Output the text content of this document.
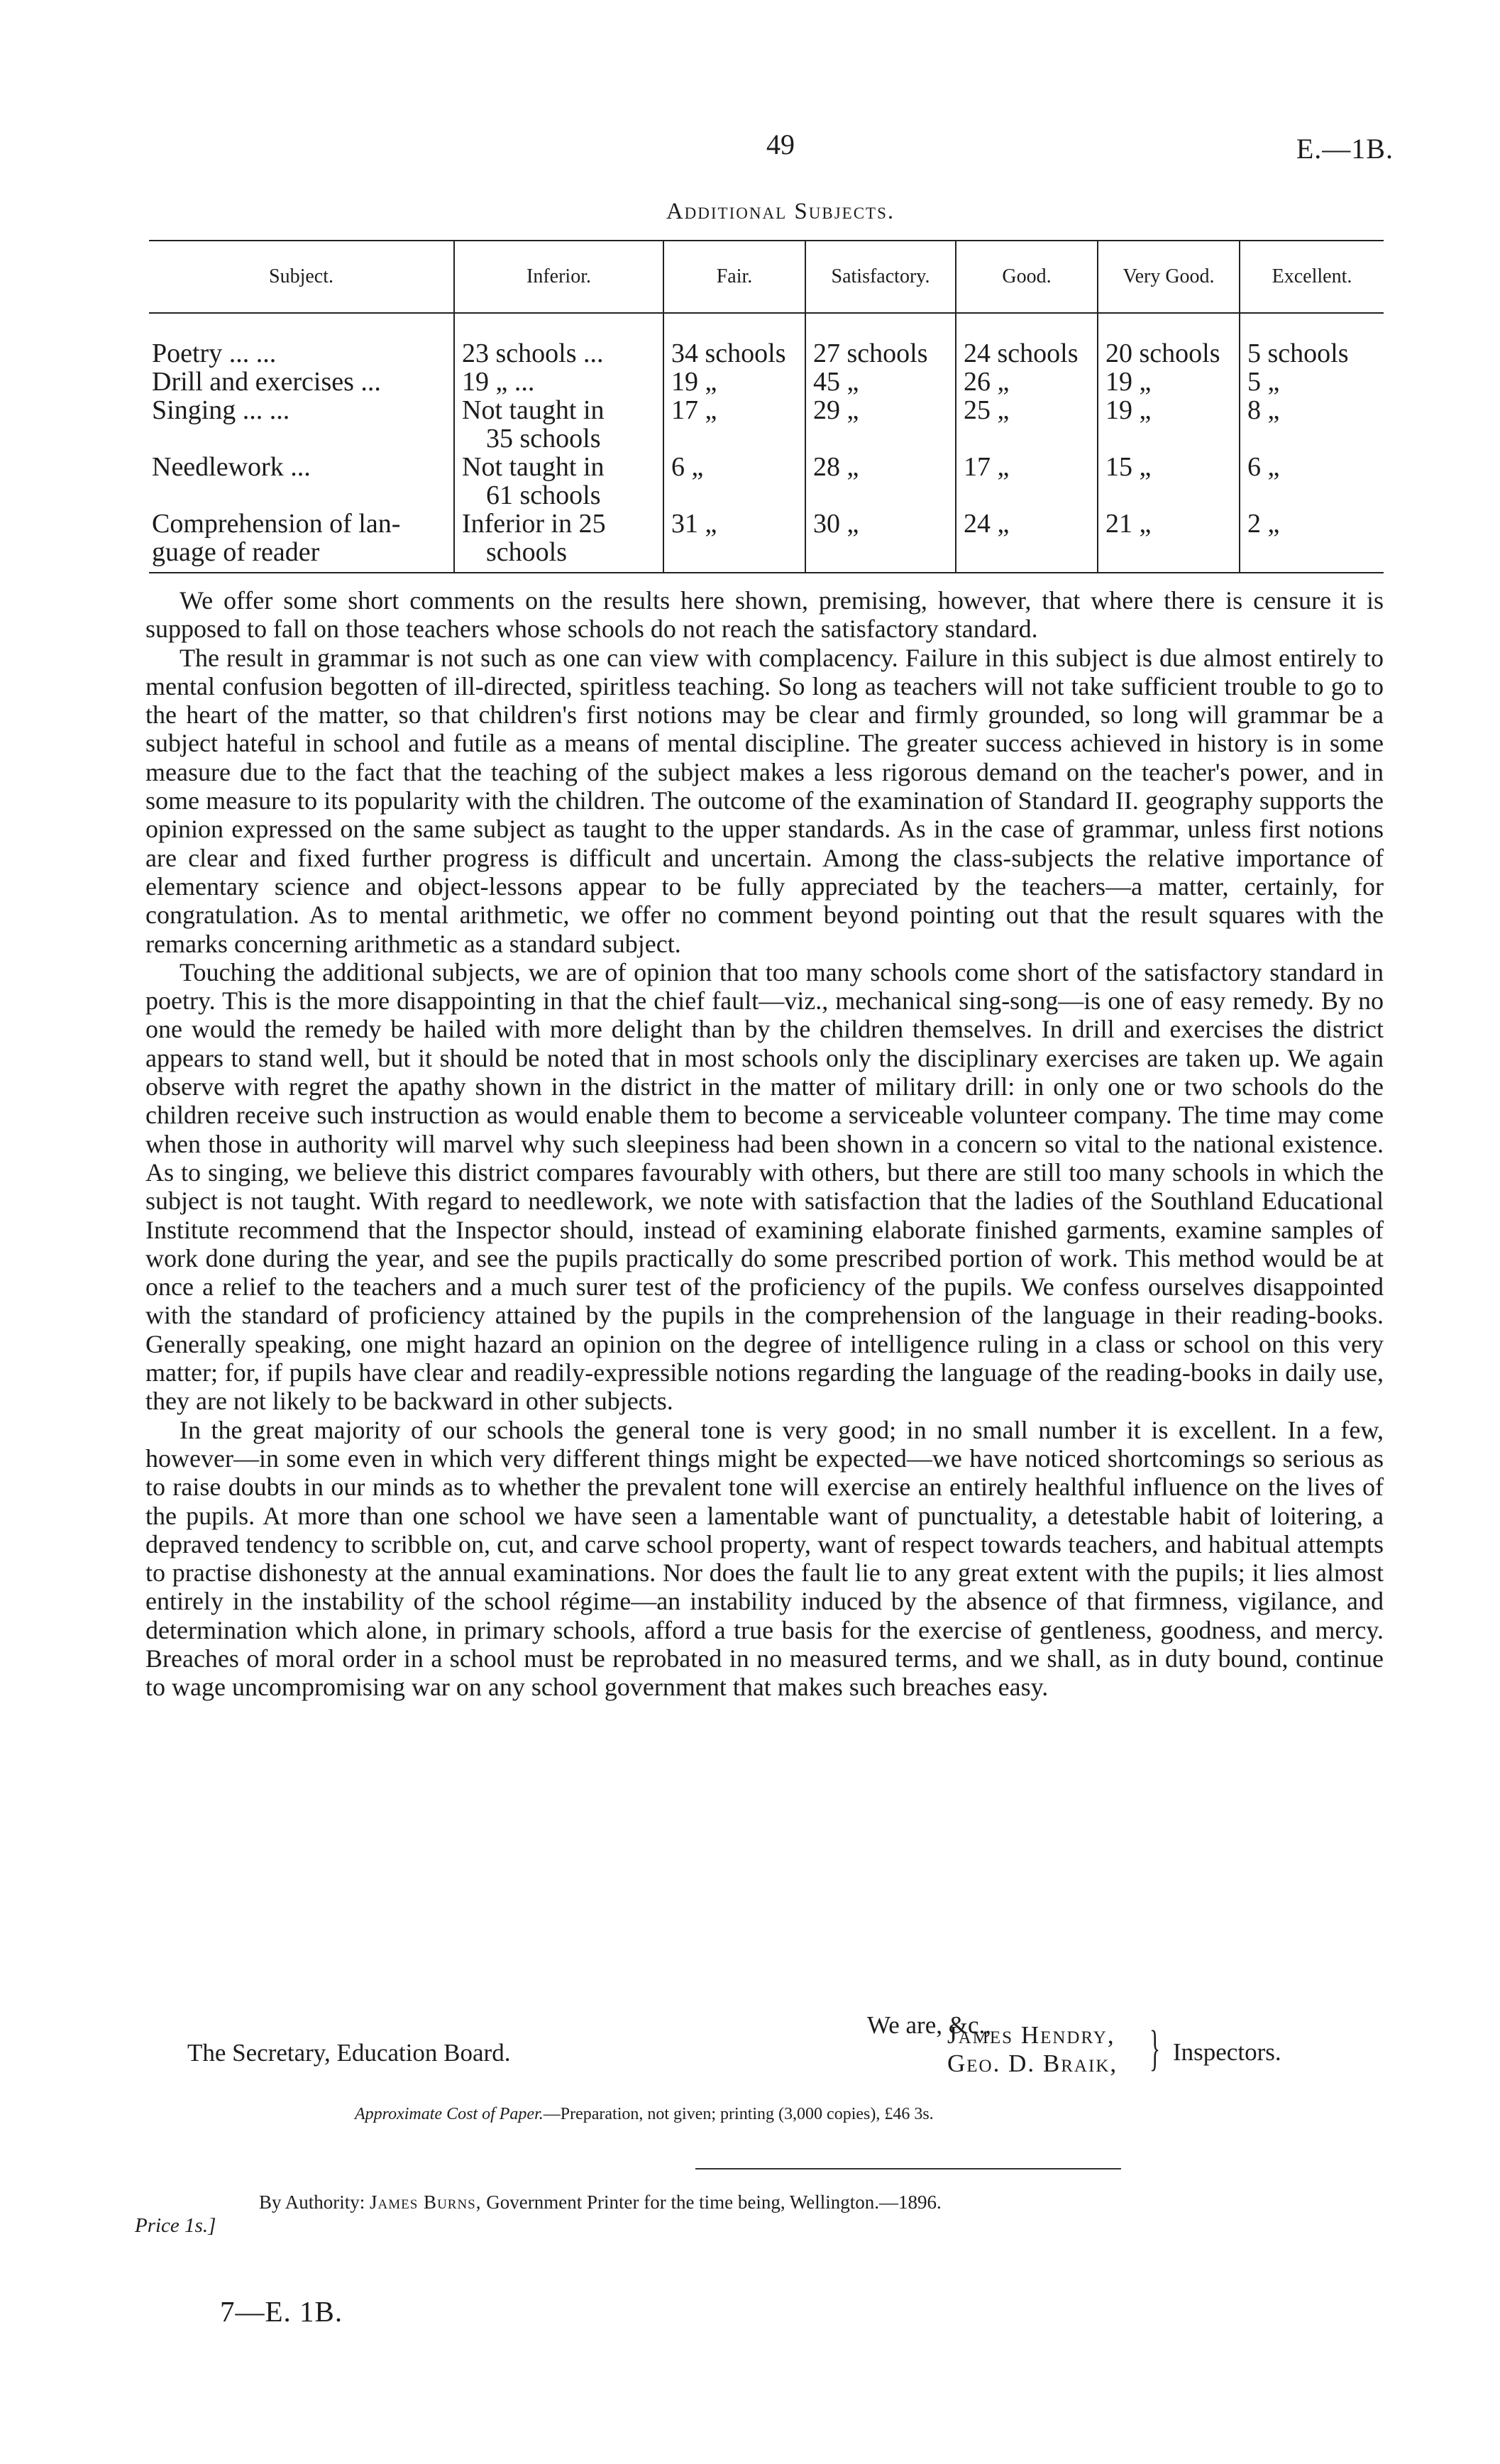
49	E.—1B.
Additional Subjects.
Subject.	Inferior.	Fair.	Satisfactory.	Good.	Very Good.	Excellent.

Poetry ... ...	23 schools ...	34 schools	27 schools	24 schools	20 schools	5 schools

Drill and exercises ...	19 „ ...	19 „	45 „	26 „	19 „	5 „

Singing ... ...	Not taught in
35 schools	17 „	29 „	25 „	19 „	8 „

Needlework ...	Not taught in
61 schools	6 „	28 „	17 „	15 „	6 „

Comprehension of lan-
guage of reader	Inferior in 25
schools	31 „	30 „	24 „	21 „	2 „

We offer some short comments on the results here shown, premising, however, that where there is censure it is supposed to fall on those teachers whose schools do not reach the satisfactory standard.

The result in grammar is not such as one can view with complacency. Failure in this subject is due almost entirely to mental confusion begotten of ill-directed, spiritless teaching. So long as teachers will not take sufficient trouble to go to the heart of the matter, so that children's first notions may be clear and firmly grounded, so long will grammar be a subject hateful in school and futile as a means of mental discipline. The greater success achieved in history is in some measure due to the fact that the teaching of the subject makes a less rigorous demand on the teacher's power, and in some measure to its popularity with the children. The outcome of the examination of Standard II. geography supports the opinion expressed on the same subject as taught to the upper standards. As in the case of grammar, unless first notions are clear and fixed further progress is difficult and uncertain. Among the class-subjects the relative importance of elementary science and object-lessons appear to be fully appreciated by the teachers—a matter, certainly, for congratulation. As to mental arithmetic, we offer no comment beyond pointing out that the result squares with the remarks concerning arithmetic as a standard subject.

Touching the additional subjects, we are of opinion that too many schools come short of the satisfactory standard in poetry. This is the more disappointing in that the chief fault—viz., mechanical sing-song—is one of easy remedy. By no one would the remedy be hailed with more delight than by the children themselves. In drill and exercises the district appears to stand well, but it should be noted that in most schools only the disciplinary exercises are taken up. We again observe with regret the apathy shown in the district in the matter of military drill: in only one or two schools do the children receive such instruction as would enable them to become a serviceable volunteer company. The time may come when those in authority will marvel why such sleepiness had been shown in a concern so vital to the national existence. As to singing, we believe this district compares favourably with others, but there are still too many schools in which the subject is not taught. With regard to needlework, we note with satisfaction that the ladies of the Southland Educational Institute recommend that the Inspector should, instead of examining elaborate finished garments, examine samples of work done during the year, and see the pupils practically do some prescribed portion of work. This method would be at once a relief to the teachers and a much surer test of the proficiency of the pupils. We confess ourselves disappointed with the standard of proficiency attained by the pupils in the comprehension of the language in their reading-books. Generally speaking, one might hazard an opinion on the degree of intelligence ruling in a class or school on this very matter; for, if pupils have clear and readily-expressible notions regarding the language of the reading-books in daily use, they are not likely to be backward in other subjects.

In the great majority of our schools the general tone is very good; in no small number it is excellent. In a few, however—in some even in which very different things might be expected—we have noticed shortcomings so serious as to raise doubts in our minds as to whether the prevalent tone will exercise an entirely healthful influence on the lives of the pupils. At more than one school we have seen a lamentable want of punctuality, a detestable habit of loitering, a depraved tendency to scribble on, cut, and carve school property, want of respect towards teachers, and habitual attempts to practise dishonesty at the annual examinations. Nor does the fault lie to any great extent with the pupils; it lies almost entirely in the instability of the school régime—an instability induced by the absence of that firmness, vigilance, and determination which alone, in primary schools, afford a true basis for the exercise of gentleness, goodness, and mercy. Breaches of moral order in a school must be reprobated in no measured terms, and we shall, as in duty bound, continue to wage uncompromising war on any school government that makes such breaches easy.

We are, &c.,
The Secretary, Education Board.
James Hendry,
Geo. D. Braik, } Inspectors.
Approximate Cost of Paper.—Preparation, not given; printing (3,000 copies), £46 3s.
By Authority: James Burns, Government Printer for the time being, Wellington.—1896.
Price 1s.]
7—E. 1B.
